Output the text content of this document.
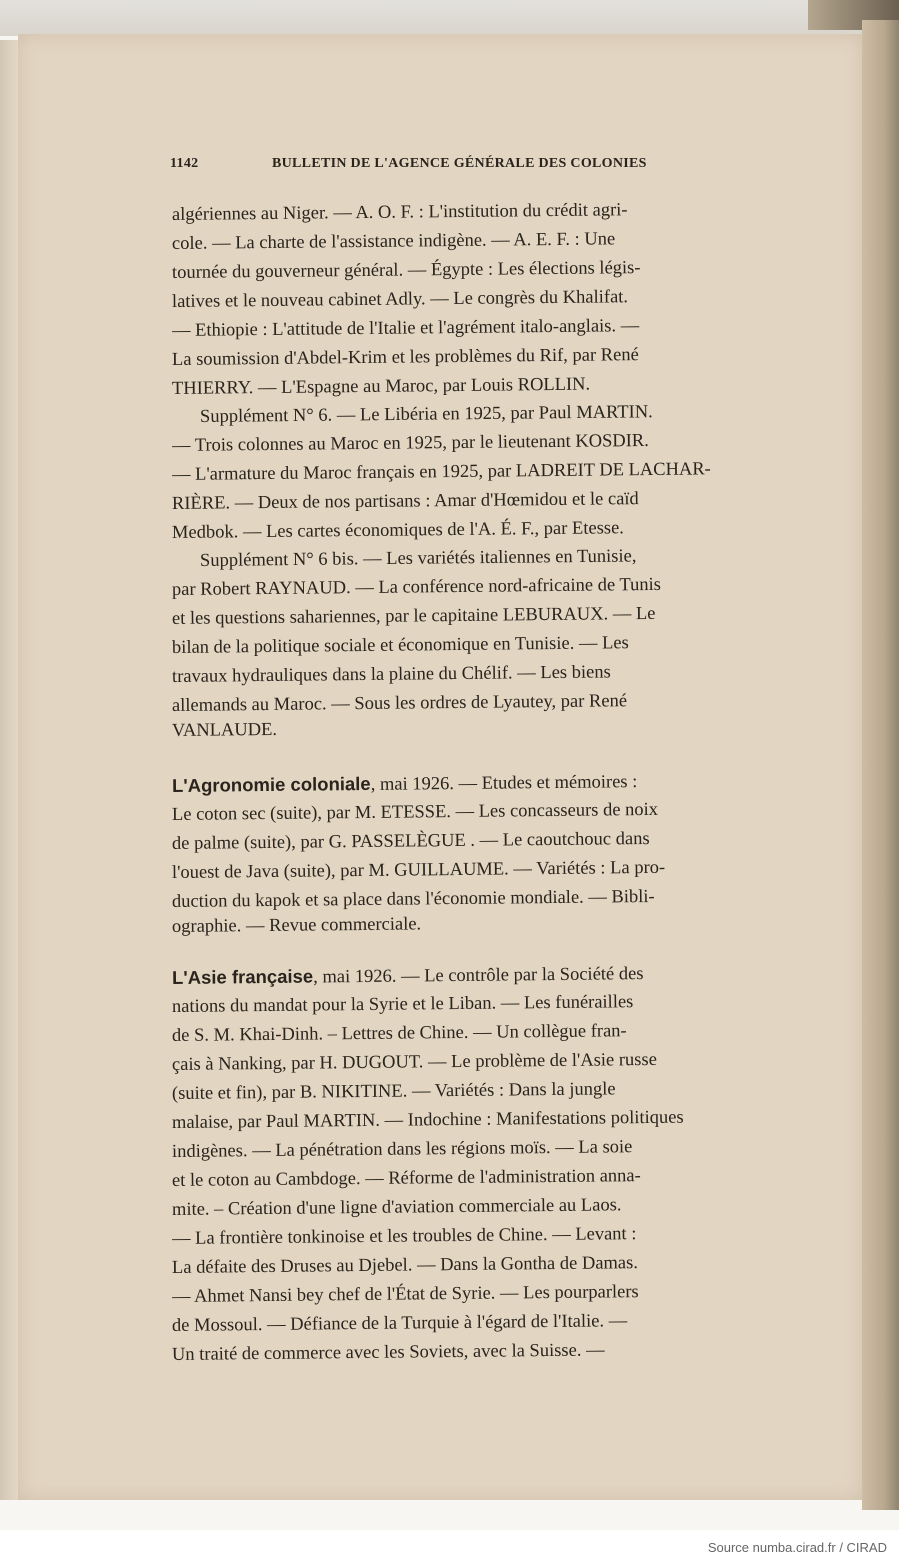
1142	BULLETIN DE L'AGENCE GÉNÉRALE DES COLONIES
algériennes au Niger. — A. O. F. : L'institution du crédit agri-
cole. — La charte de l'assistance indigène. — A. E. F. : Une
tournée du gouverneur général. — Égypte : Les élections légis-
latives et le nouveau cabinet Adly. — Le congrès du Khalifat.
— Ethiopie : L'attitude de l'Italie et l'agrément italo-anglais. —
La soumission d'Abdel-Krim et les problèmes du Rif, par René
THIERRY. — L'Espagne au Maroc, par Louis ROLLIN.
Supplément N° 6. — Le Libéria en 1925, par Paul MARTIN.
— Trois colonnes au Maroc en 1925, par le lieutenant KOSDIR.
— L'armature du Maroc français en 1925, par LADREIT DE LACHAR-
RIÈRE. — Deux de nos partisans : Amar d'Hœmidou et le caïd
Medbok. — Les cartes économiques de l'A. É. F., par Etesse.
Supplément N° 6 bis. — Les variétés italiennes en Tunisie,
par Robert RAYNAUD. — La conférence nord-africaine de Tunis
et les questions sahariennes, par le capitaine LEBURAUX. — Le
bilan de la politique sociale et économique en Tunisie. — Les
travaux hydrauliques dans la plaine du Chélif. — Les biens
allemands au Maroc. — Sous les ordres de Lyautey, par René
VANLAUDE.
L'Agronomie coloniale, mai 1926. — Etudes et mémoires :
Le coton sec (suite), par M. ETESSE. — Les concasseurs de noix
de palme (suite), par G. PASSELÈGUE . — Le caoutchouc dans
l'ouest de Java (suite), par M. GUILLAUME. — Variétés : La pro-
duction du kapok et sa place dans l'économie mondiale. — Bibli-
ographie. — Revue commerciale.
L'Asie française, mai 1926. — Le contrôle par la Société des
nations du mandat pour la Syrie et le Liban. — Les funérailles
de S. M. Khai-Dinh. – Lettres de Chine. — Un collègue fran-
çais à Nanking, par H. DUGOUT. — Le problème de l'Asie russe
(suite et fin), par B. NIKITINE. — Variétés : Dans la jungle
malaise, par Paul MARTIN. — Indochine : Manifestations politiques
indigènes. — La pénétration dans les régions moïs. — La soie
et le coton au Cambdoge. — Réforme de l'administration anna-
mite. – Création d'une ligne d'aviation commerciale au Laos.
— La frontière tonkinoise et les troubles de Chine. — Levant :
La défaite des Druses au Djebel. — Dans la Gontha de Damas.
— Ahmet Nansi bey chef de l'État de Syrie. — Les pourparlers
de Mossoul. — Défiance de la Turquie à l'égard de l'Italie. —
Un traité de commerce avec les Soviets, avec la Suisse. —
Source numba.cirad.fr / CIRAD
